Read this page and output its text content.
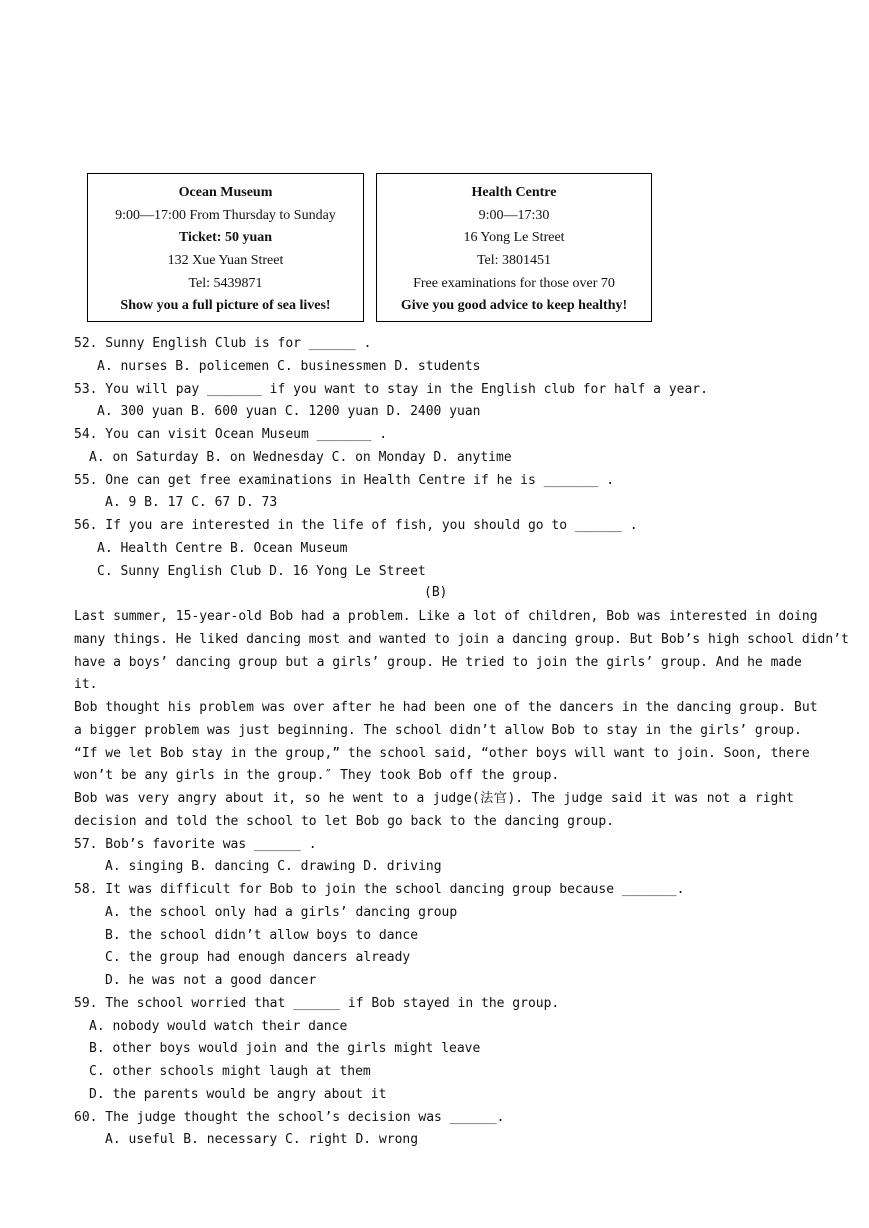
Ocean Museum
9:00—17:00 From Thursday to Sunday
Ticket: 50 yuan
132 Xue Yuan Street
Tel: 5439871
Show you a full picture of sea lives!
Health Centre
9:00—17:30
16 Yong Le Street
Tel: 3801451
Free examinations for those over 70
Give you good advice to keep healthy!
52. Sunny English Club is for ______ .
A. nurses B. policemen C. businessmen D. students
53. You will pay _______ if you want to stay in the English club for half a year.
A. 300 yuan B. 600 yuan C. 1200 yuan D. 2400 yuan
54. You can visit Ocean Museum _______ .
A. on Saturday B. on Wednesday C. on Monday D. anytime
55. One can get free examinations in Health Centre if he is _______ .
A. 9 B. 17 C. 67 D. 73
56. If you are interested in the life of fish, you should go to ______ .
A. Health Centre B. Ocean Museum
C. Sunny English Club D. 16 Yong Le Street
(B)
Last summer, 15-year-old Bob had a problem. Like a lot of children, Bob was interested in doing
many things. He liked dancing most and wanted to join a dancing group. But Bob’s high school didn’t
have a boys’ dancing group but a girls’ group. He tried to join the girls’ group. And he made
it.
Bob thought his problem was over after he had been one of the dancers in the dancing group. But
a bigger problem was just beginning. The school didn’t allow Bob to stay in the girls’ group.
“If we let Bob stay in the group,” the school said, “other boys will want to join. Soon, there
won’t be any girls in the group.″ They took Bob off the group.
Bob was very angry about it, so he went to a judge(法官). The judge said it was not a right
decision and told the school to let Bob go back to the dancing group.
57. Bob’s favorite was ______ .
A. singing B. dancing C. drawing D. driving
58. It was difficult for Bob to join the school dancing group because _______.
A. the school only had a girls’ dancing group
B. the school didn’t allow boys to dance
C. the group had enough dancers already
D. he was not a good dancer
59. The school worried that ______ if Bob stayed in the group.
A. nobody would watch their dance
B. other boys would join and the girls might leave
C. other schools might laugh at them
D. the parents would be angry about it
60. The judge thought the school’s decision was ______.
A. useful B. necessary C. right D. wrong
